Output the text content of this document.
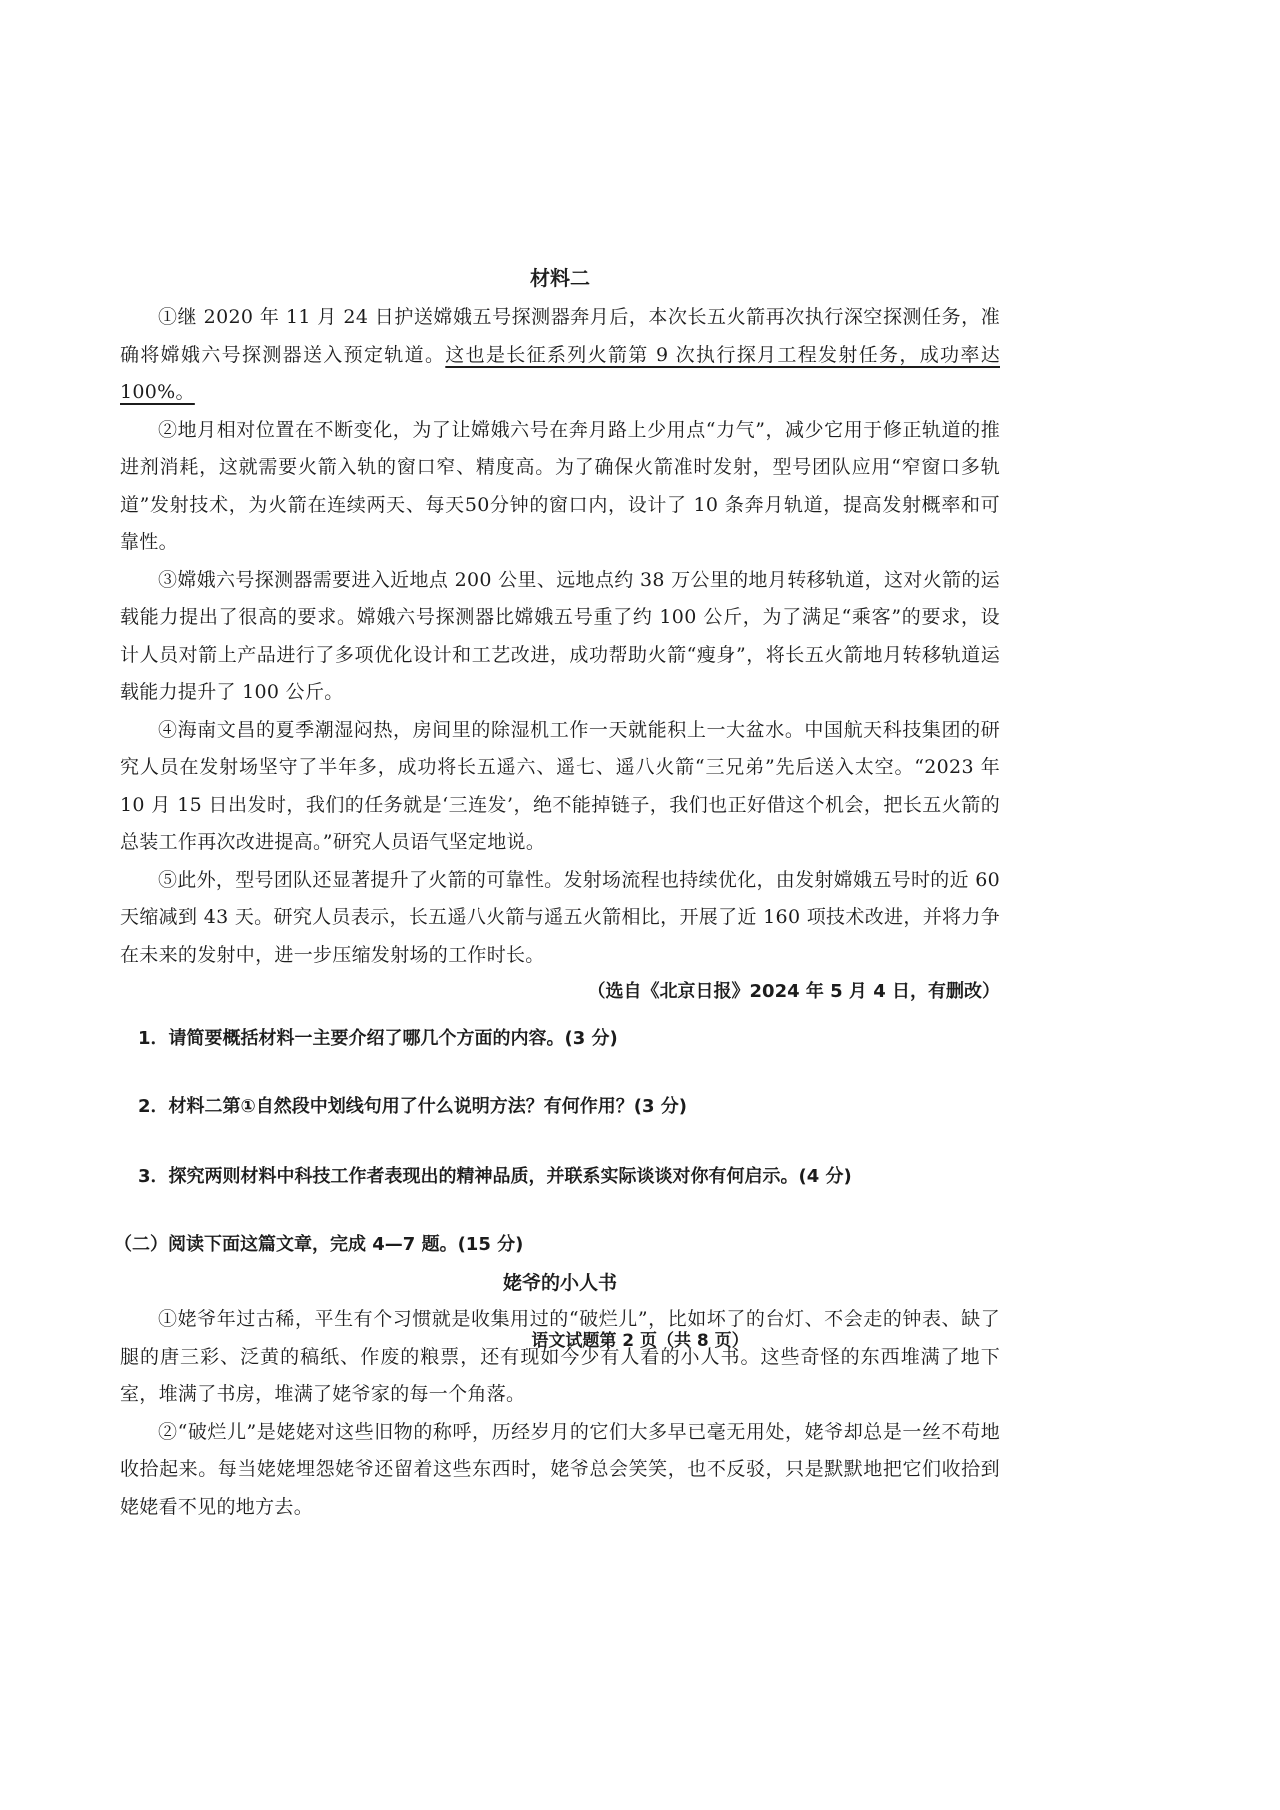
材料二

①继 2020 年 11 月 24 日护送嫦娥五号探测器奔月后，本次长五火箭再次执行深空探测任务，准确将嫦娥六号探测器送入预定轨道。这也是长征系列火箭第 9 次执行探月工程发射任务，成功率达 100%。

②地月相对位置在不断变化，为了让嫦娥六号在奔月路上少用点“力气”，减少它用于修正轨道的推进剂消耗，这就需要火箭入轨的窗口窄、精度高。为了确保火箭准时发射，型号团队应用“窄窗口多轨道”发射技术，为火箭在连续两天、每天50分钟的窗口内，设计了 10 条奔月轨道，提高发射概率和可靠性。

③嫦娥六号探测器需要进入近地点 200 公里、远地点约 38 万公里的地月转移轨道，这对火箭的运载能力提出了很高的要求。嫦娥六号探测器比嫦娥五号重了约 100 公斤，为了满足“乘客”的要求，设计人员对箭上产品进行了多项优化设计和工艺改进，成功帮助火箭“瘦身”，将长五火箭地月转移轨道运载能力提升了 100 公斤。

④海南文昌的夏季潮湿闷热，房间里的除湿机工作一天就能积上一大盆水。中国航天科技集团的研究人员在发射场坚守了半年多，成功将长五遥六、遥七、遥八火箭“三兄弟”先后送入太空。“2023 年 10 月 15 日出发时，我们的任务就是‘三连发’，绝不能掉链子，我们也正好借这个机会，把长五火箭的总装工作再次改进提高。”研究人员语气坚定地说。

⑤此外，型号团队还显著提升了火箭的可靠性。发射场流程也持续优化，由发射嫦娥五号时的近 60 天缩减到 43 天。研究人员表示，长五遥八火箭与遥五火箭相比，开展了近 160 项技术改进，并将力争在未来的发射中，进一步压缩发射场的工作时长。

（选自《北京日报》2024 年 5 月 4 日，有删改）

1．请简要概括材料一主要介绍了哪几个方面的内容。(3 分)

2．材料二第①自然段中划线句用了什么说明方法？有何作用？(3 分)

3．探究两则材料中科技工作者表现出的精神品质，并联系实际谈谈对你有何启示。(4 分)

（二）阅读下面这篇文章，完成 4—7 题。(15 分)

姥爷的小人书

①姥爷年过古稀，平生有个习惯就是收集用过的“破烂儿”，比如坏了的台灯、不会走的钟表、缺了腿的唐三彩、泛黄的稿纸、作废的粮票，还有现如今少有人看的小人书。这些奇怪的东西堆满了地下室，堆满了书房，堆满了姥爷家的每一个角落。

②“破烂儿”是姥姥对这些旧物的称呼，历经岁月的它们大多早已毫无用处，姥爷却总是一丝不苟地收拾起来。每当姥姥埋怨姥爷还留着这些东西时，姥爷总会笑笑，也不反驳，只是默默地把它们收拾到姥姥看不见的地方去。

语文试题第 2 页（共 8 页）
